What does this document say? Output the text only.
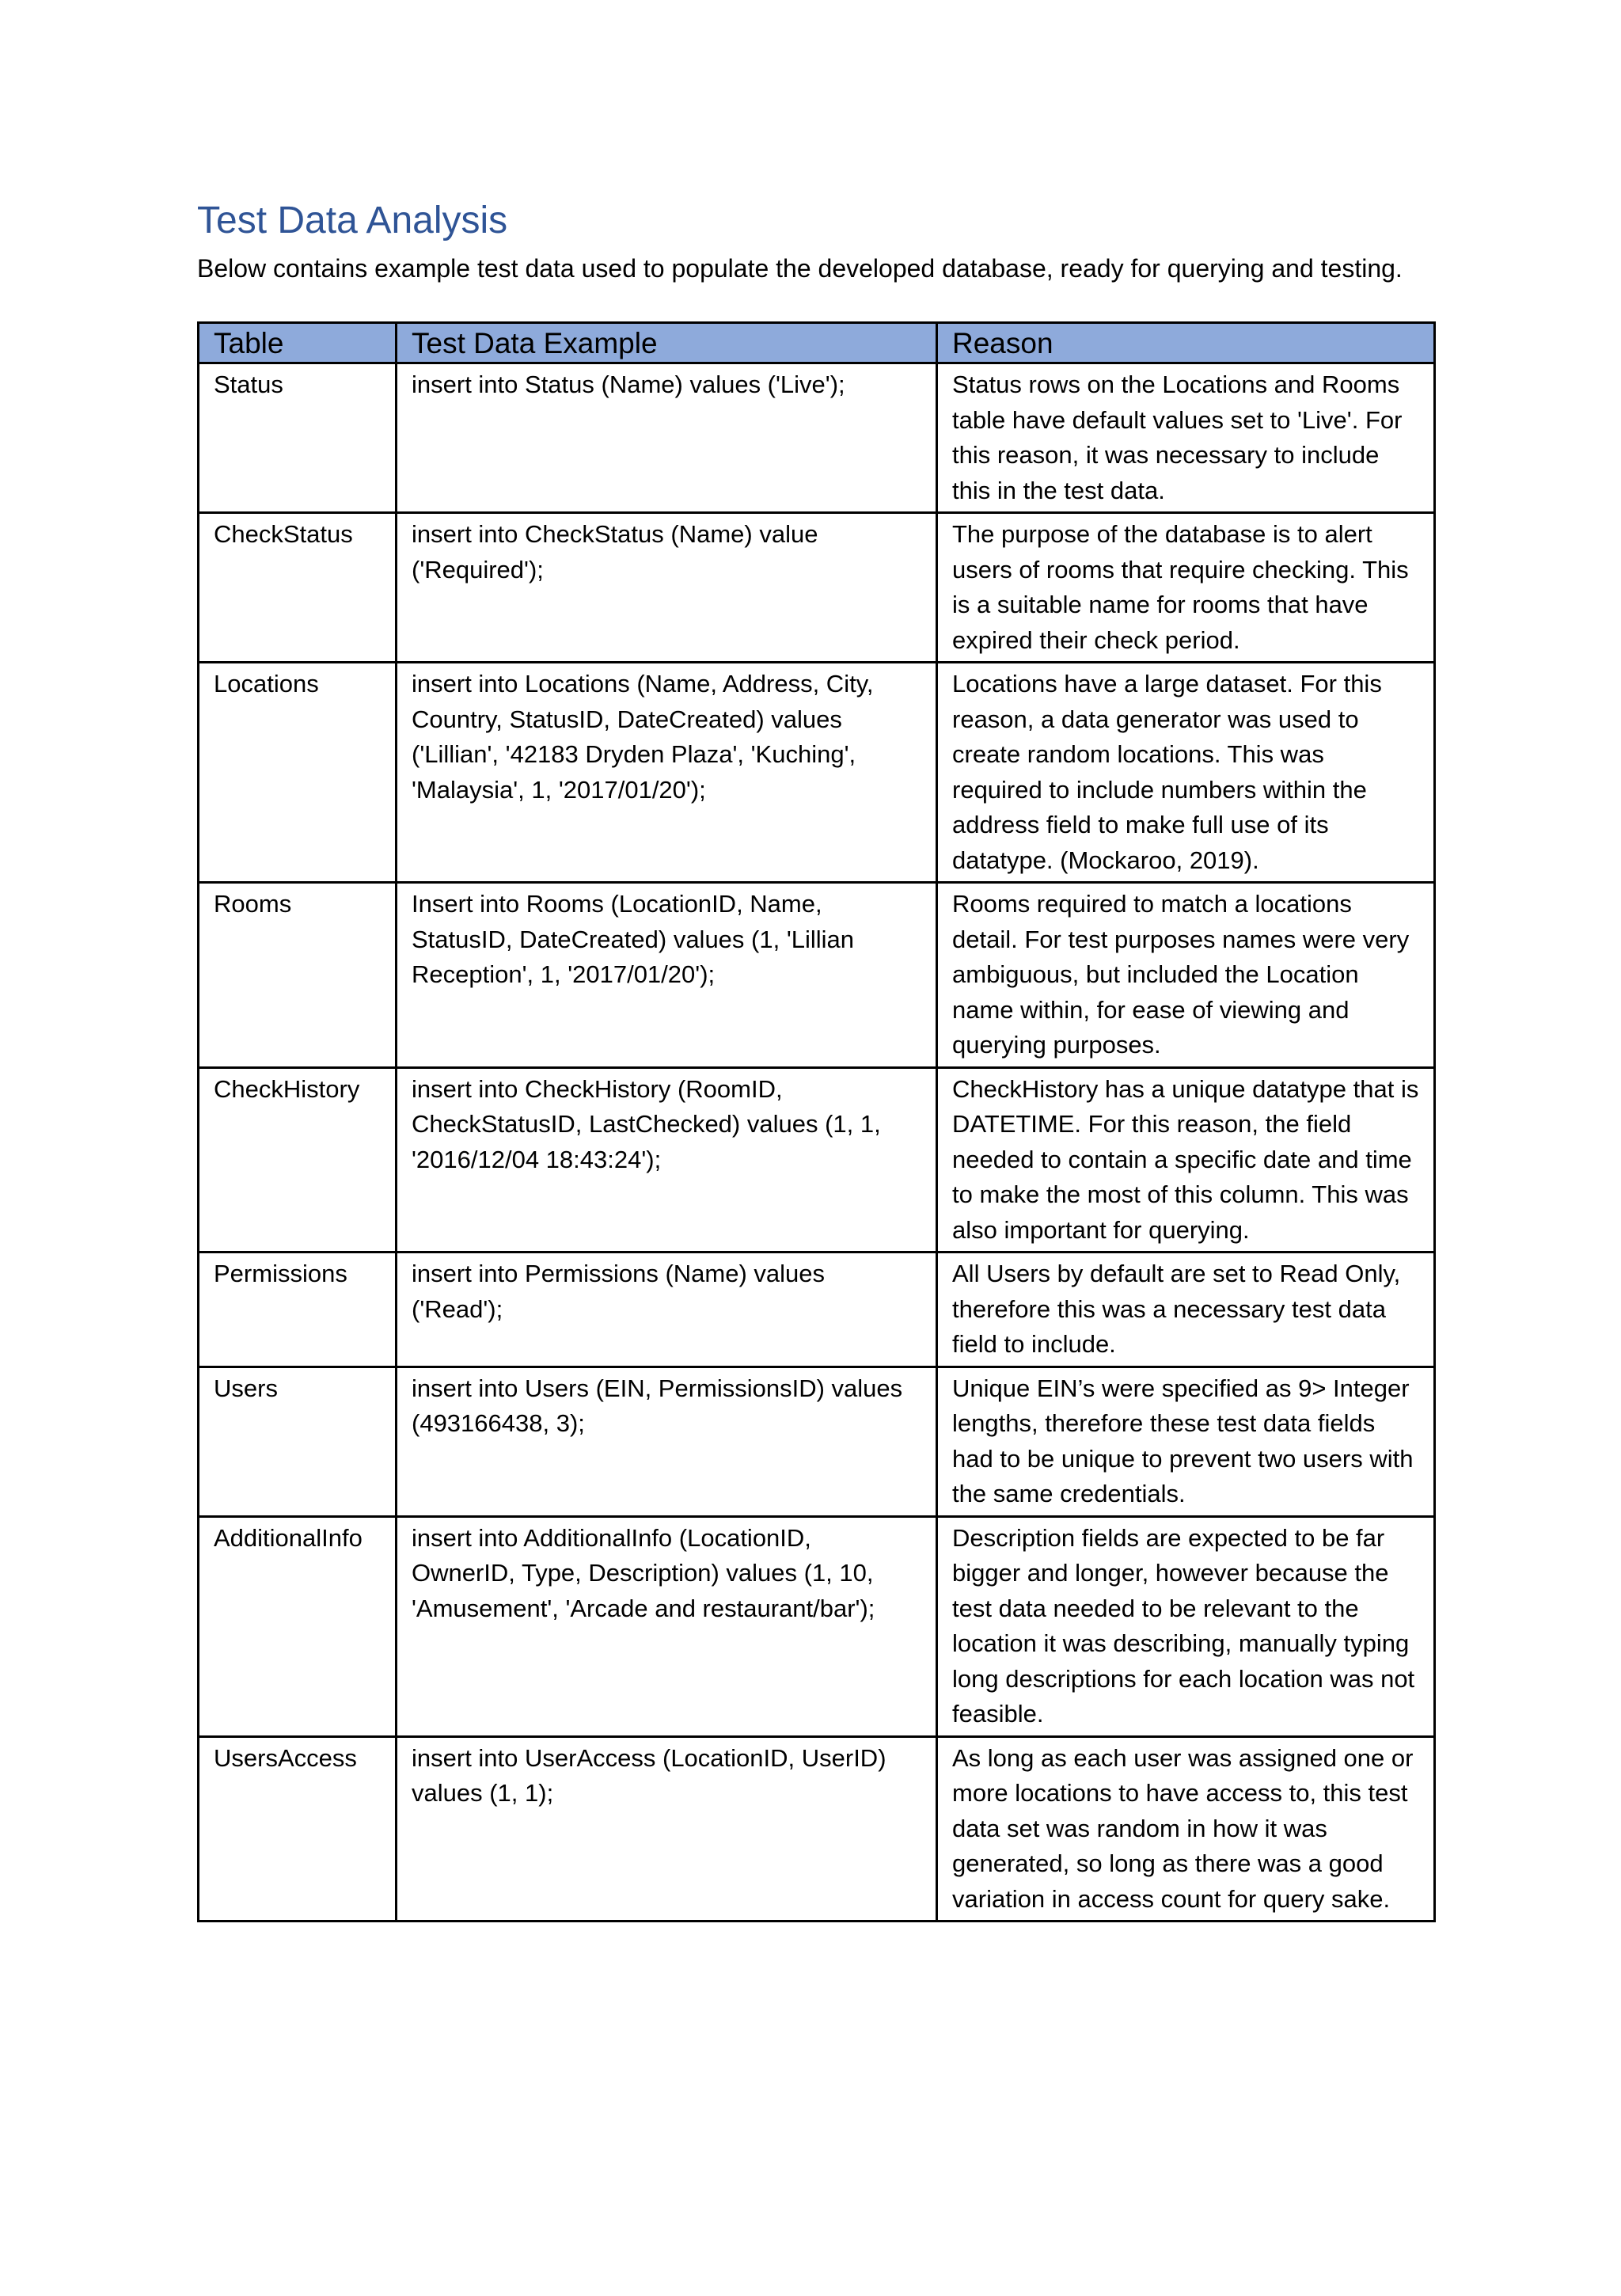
Test Data Analysis

Below contains example test data used to populate the developed database, ready for querying and testing.

Table	Test Data Example	Reason
Status	insert into Status (Name) values ('Live');	Status rows on the Locations and Rooms table have default values set to 'Live'. For this reason, it was necessary to include this in the test data.
CheckStatus	insert into CheckStatus (Name) value ('Required');	The purpose of the database is to alert users of rooms that require checking. This is a suitable name for rooms that have expired their check period.
Locations	insert into Locations (Name, Address, City, Country, StatusID, DateCreated) values ('Lillian', '42183 Dryden Plaza', 'Kuching', 'Malaysia', 1, '2017/01/20');	Locations have a large dataset. For this reason, a data generator was used to create random locations. This was required to include numbers within the address field to make full use of its datatype. (Mockaroo, 2019).
Rooms	Insert into Rooms (LocationID, Name, StatusID, DateCreated) values (1, 'Lillian Reception', 1, '2017/01/20');	Rooms required to match a locations detail. For test purposes names were very ambiguous, but included the Location name within, for ease of viewing and querying purposes.
CheckHistory	insert into CheckHistory (RoomID, CheckStatusID, LastChecked) values (1, 1, '2016/12/04 18:43:24');	CheckHistory has a unique datatype that is DATETIME. For this reason, the field needed to contain a specific date and time to make the most of this column. This was also important for querying.
Permissions	insert into Permissions (Name) values ('Read');	All Users by default are set to Read Only, therefore this was a necessary test data field to include.
Users	insert into Users (EIN, PermissionsID) values (493166438, 3);	Unique EIN’s were specified as 9> Integer lengths, therefore these test data fields had to be unique to prevent two users with the same credentials.
AdditionalInfo	insert into AdditionalInfo (LocationID, OwnerID, Type, Description) values (1, 10, 'Amusement', 'Arcade and restaurant/bar');	Description fields are expected to be far bigger and longer, however because the test data needed to be relevant to the location it was describing, manually typing long descriptions for each location was not feasible.
UsersAccess	insert into UserAccess (LocationID, UserID) values (1, 1);	As long as each user was assigned one or more locations to have access to, this test data set was random in how it was generated, so long as there was a good variation in access count for query sake.
